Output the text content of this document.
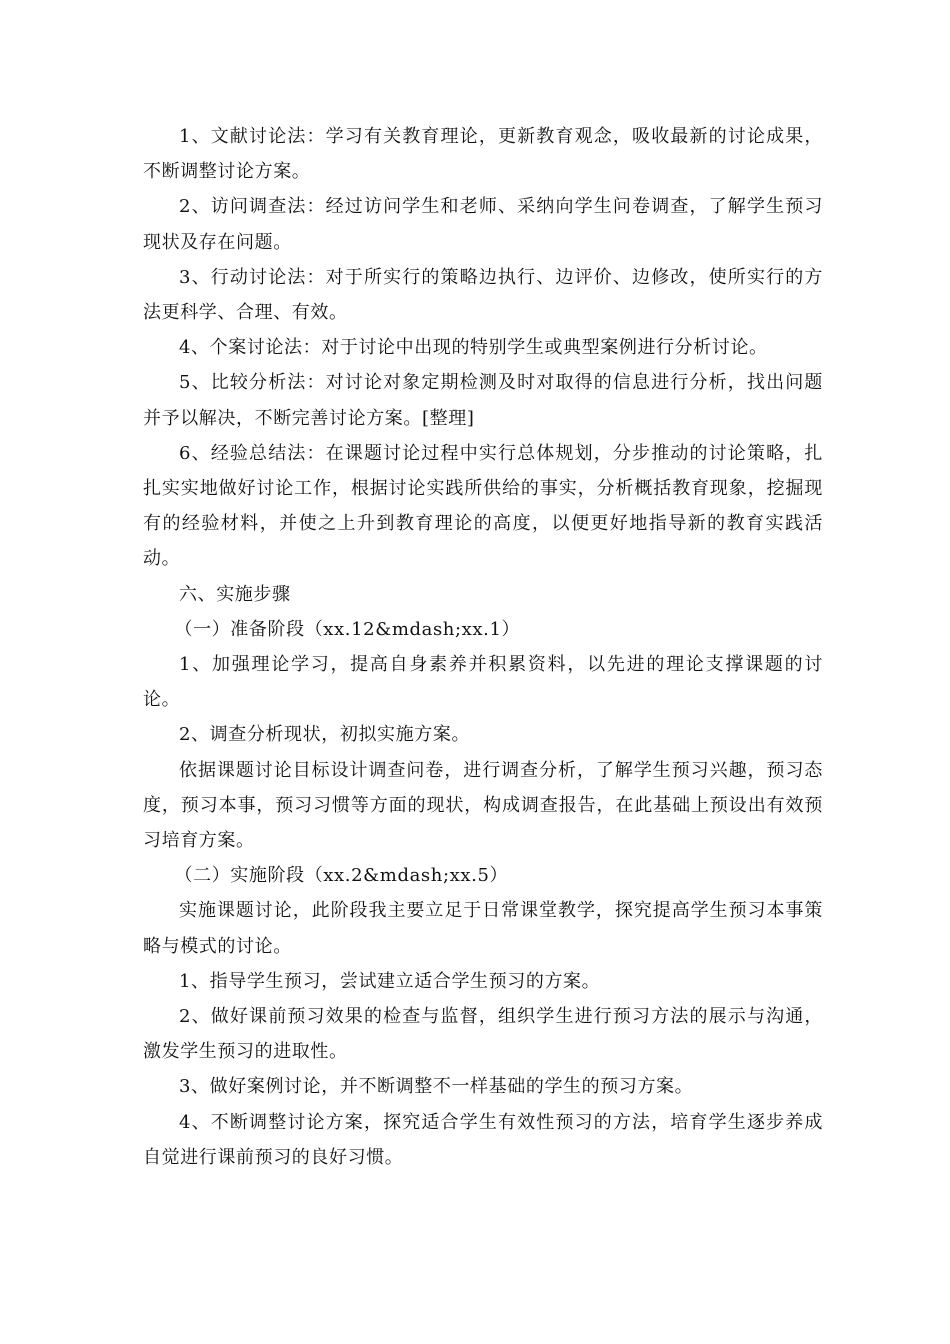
1、文献讨论法：学习有关教育理论，更新教育观念，吸收最新的讨论成果，不断调整讨论方案。

2、访问调查法：经过访问学生和老师、采纳向学生问卷调查，了解学生预习现状及存在问题。

3、行动讨论法：对于所实行的策略边执行、边评价、边修改，使所实行的方法更科学、合理、有效。

4、个案讨论法：对于讨论中出现的特别学生或典型案例进行分析讨论。

5、比较分析法：对讨论对象定期检测及时对取得的信息进行分析，找出问题并予以解决，不断完善讨论方案。[整理]

6、经验总结法：在课题讨论过程中实行总体规划，分步推动的讨论策略，扎扎实实地做好讨论工作，根据讨论实践所供给的事实，分析概括教育现象，挖掘现有的经验材料，并使之上升到教育理论的高度，以便更好地指导新的教育实践活动。

六、实施步骤

（一）准备阶段（xx.12&mdash;xx.1）

1、加强理论学习，提高自身素养并积累资料，以先进的理论支撑课题的讨论。

2、调查分析现状，初拟实施方案。

依据课题讨论目标设计调查问卷，进行调查分析，了解学生预习兴趣，预习态度，预习本事，预习习惯等方面的现状，构成调查报告，在此基础上预设出有效预习培育方案。

（二）实施阶段（xx.2&mdash;xx.5）

实施课题讨论，此阶段我主要立足于日常课堂教学，探究提高学生预习本事策略与模式的讨论。

1、指导学生预习，尝试建立适合学生预习的方案。

2、做好课前预习效果的检查与监督，组织学生进行预习方法的展示与沟通，激发学生预习的进取性。

3、做好案例讨论，并不断调整不一样基础的学生的预习方案。

4、不断调整讨论方案，探究适合学生有效性预习的方法，培育学生逐步养成自觉进行课前预习的良好习惯。
